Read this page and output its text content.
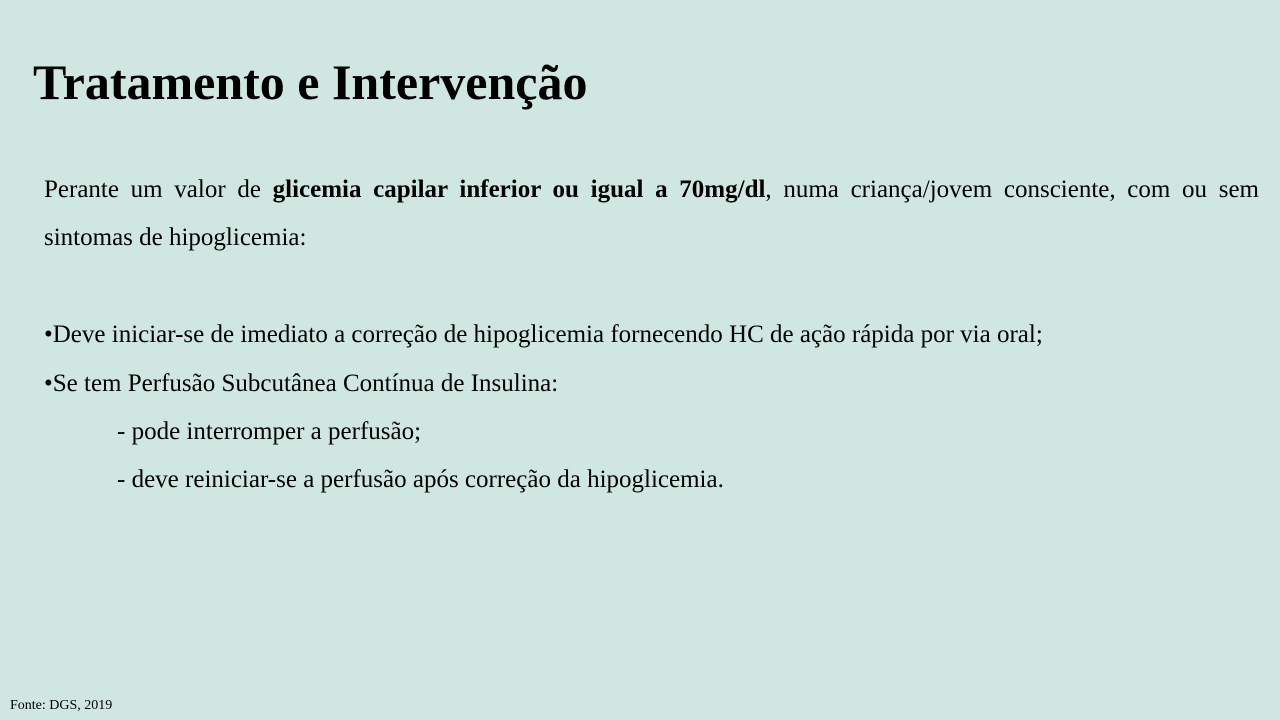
Tratamento e Intervenção

Perante um valor de glicemia capilar inferior ou igual a 70mg/dl, numa criança/jovem consciente, com ou sem sintomas de hipoglicemia:

•Deve iniciar-se de imediato a correção de hipoglicemia fornecendo HC de ação rápida por via oral;
•Se tem Perfusão Subcutânea Contínua de Insulina:
- pode interromper a perfusão;
- deve reiniciar-se a perfusão após correção da hipoglicemia.
Fonte: DGS, 2019
